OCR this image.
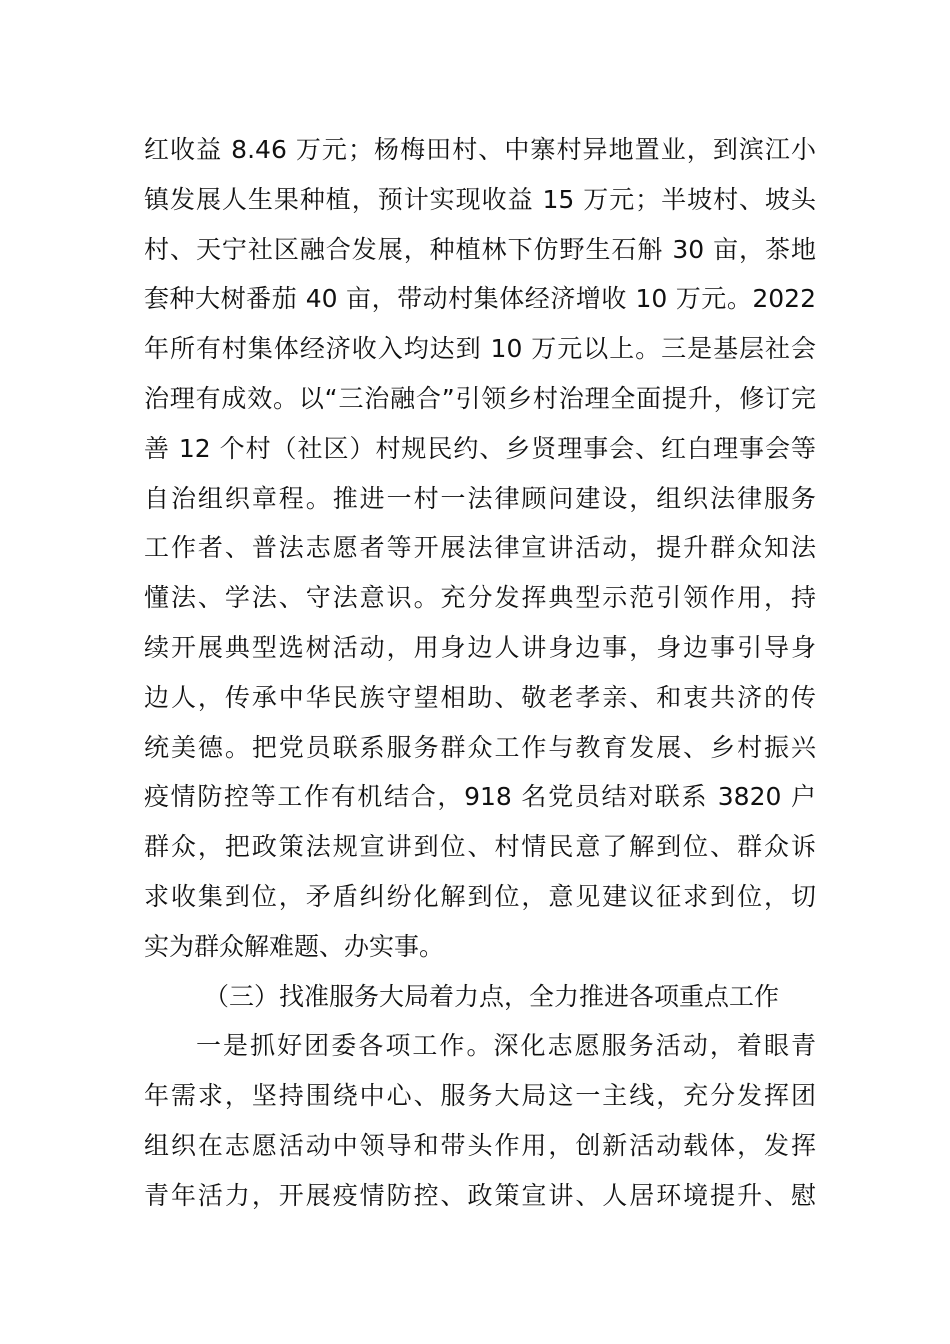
红收益 8.46 万元；杨梅田村、中寨村异地置业，到滨江小
镇发展人生果种植，预计实现收益 15 万元；半坡村、坡头
村、天宁社区融合发展，种植林下仿野生石斛 30 亩，茶地
套种大树番茄 40 亩，带动村集体经济增收 10 万元。2022
年所有村集体经济收入均达到 10 万元以上。三是基层社会
治理有成效。以“三治融合”引领乡村治理全面提升，修订完
善 12 个村（社区）村规民约、乡贤理事会、红白理事会等
自治组织章程。推进一村一法律顾问建设，组织法律服务
工作者、普法志愿者等开展法律宣讲活动，提升群众知法
懂法、学法、守法意识。充分发挥典型示范引领作用，持
续开展典型选树活动，用身边人讲身边事，身边事引导身
边人，传承中华民族守望相助、敬老孝亲、和衷共济的传
统美德。把党员联系服务群众工作与教育发展、乡村振兴
疫情防控等工作有机结合，918 名党员结对联系 3820 户
群众，把政策法规宣讲到位、村情民意了解到位、群众诉
求收集到位，矛盾纠纷化解到位，意见建议征求到位，切
实为群众解难题、办实事。
（三）找准服务大局着力点，全力推进各项重点工作
一是抓好团委各项工作。深化志愿服务活动，着眼青
年需求，坚持围绕中心、服务大局这一主线，充分发挥团
组织在志愿活动中领导和带头作用，创新活动载体，发挥
青年活力，开展疫情防控、政策宣讲、人居环境提升、慰
